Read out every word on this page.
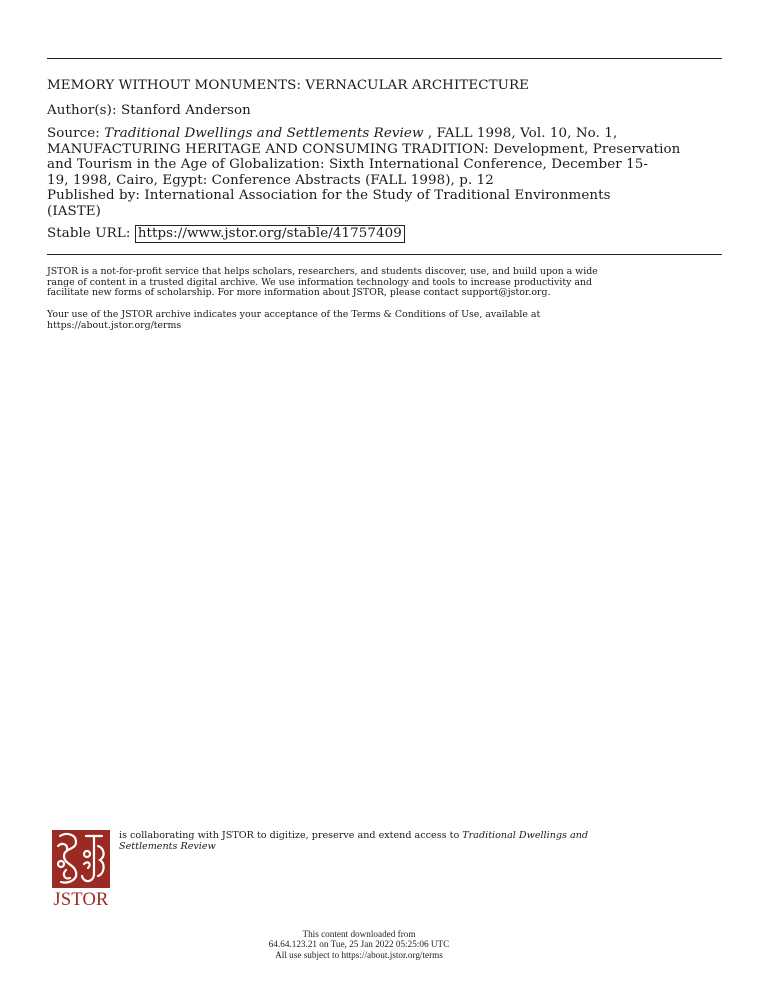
MEMORY WITHOUT MONUMENTS: VERNACULAR ARCHITECTURE
Author(s): Stanford Anderson
Source: Traditional Dwellings and Settlements Review , FALL 1998, Vol. 10, No. 1,
MANUFACTURING HERITAGE AND CONSUMING TRADITION: Development, Preservation
and Tourism in the Age of Globalization: Sixth International Conference, December 15-
19, 1998, Cairo, Egypt: Conference Abstracts (FALL 1998), p. 12
Published by: International Association for the Study of Traditional Environments
(IASTE)
Stable URL: https://www.jstor.org/stable/41757409
JSTOR is a not-for-profit service that helps scholars, researchers, and students discover, use, and build upon a wide
range of content in a trusted digital archive. We use information technology and tools to increase productivity and
facilitate new forms of scholarship. For more information about JSTOR, please contact support@jstor.org.
Your use of the JSTOR archive indicates your acceptance of the Terms & Conditions of Use, available at
https://about.jstor.org/terms
JSTOR
is collaborating with JSTOR to digitize, preserve and extend access to Traditional Dwellings and
Settlements Review
This content downloaded from
64.64.123.21 on Tue, 25 Jan 2022 05:25:06 UTC
All use subject to https://about.jstor.org/terms
